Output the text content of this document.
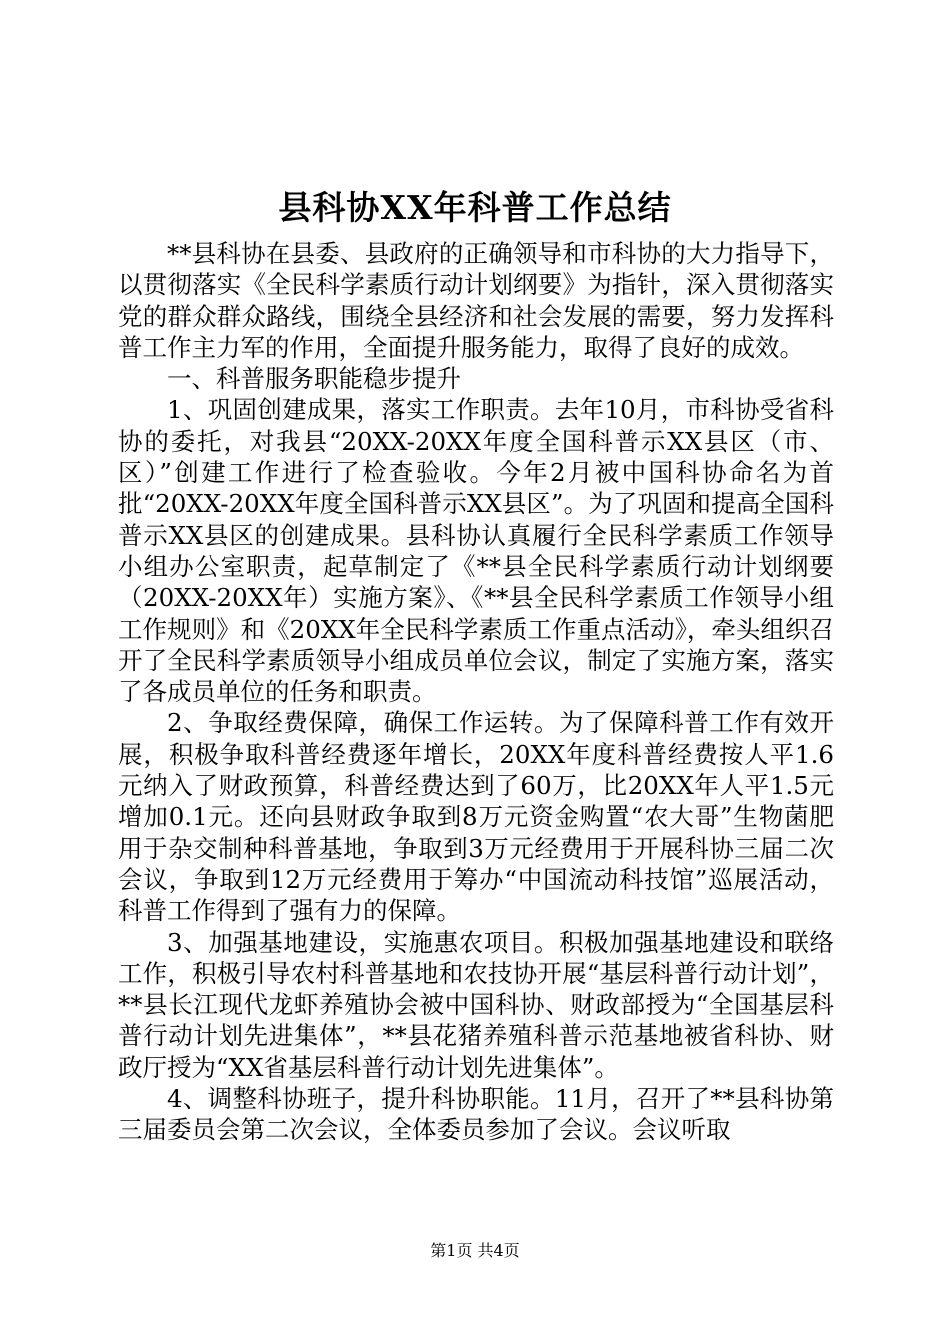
县科协XX年科普工作总结

**县科协在县委、县政府的正确领导和市科协的大力指导下，以贯彻落实《全民科学素质行动计划纲要》为指针，深入贯彻落实党的群众群众路线，围绕全县经济和社会发展的需要，努力发挥科普工作主力军的作用，全面提升服务能力，取得了良好的成效。

一、科普服务职能稳步提升

1、巩固创建成果，落实工作职责。去年10月，市科协受省科协的委托，对我县“20XX-20XX年度全国科普示XX县区（市、区）”创建工作进行了检查验收。今年2月被中国科协命名为首批“20XX-20XX年度全国科普示XX县区”。为了巩固和提高全国科普示XX县区的创建成果。县科协认真履行全民科学素质工作领导小组办公室职责，起草制定了《**县全民科学素质行动计划纲要（20XX-20XX年）实施方案》、《**县全民科学素质工作领导小组工作规则》和《20XX年全民科学素质工作重点活动》，牵头组织召开了全民科学素质领导小组成员单位会议，制定了实施方案，落实了各成员单位的任务和职责。

2、争取经费保障，确保工作运转。为了保障科普工作有效开展，积极争取科普经费逐年增长，20XX年度科普经费按人平1.6元纳入了财政预算，科普经费达到了60万，比20XX年人平1.5元增加0.1元。还向县财政争取到8万元资金购置“农大哥”生物菌肥用于杂交制种科普基地，争取到3万元经费用于开展科协三届二次会议，争取到12万元经费用于筹办“中国流动科技馆”巡展活动，科普工作得到了强有力的保障。

3、加强基地建设，实施惠农项目。积极加强基地建设和联络工作，积极引导农村科普基地和农技协开展“基层科普行动计划”，**县长江现代龙虾养殖协会被中国科协、财政部授为“全国基层科普行动计划先进集体”，**县花猪养殖科普示范基地被省科协、财政厅授为“XX省基层科普行动计划先进集体”。

4、调整科协班子，提升科协职能。11月，召开了**县科协第三届委员会第二次会议，全体委员参加了会议。会议听取

第1页 共4页
